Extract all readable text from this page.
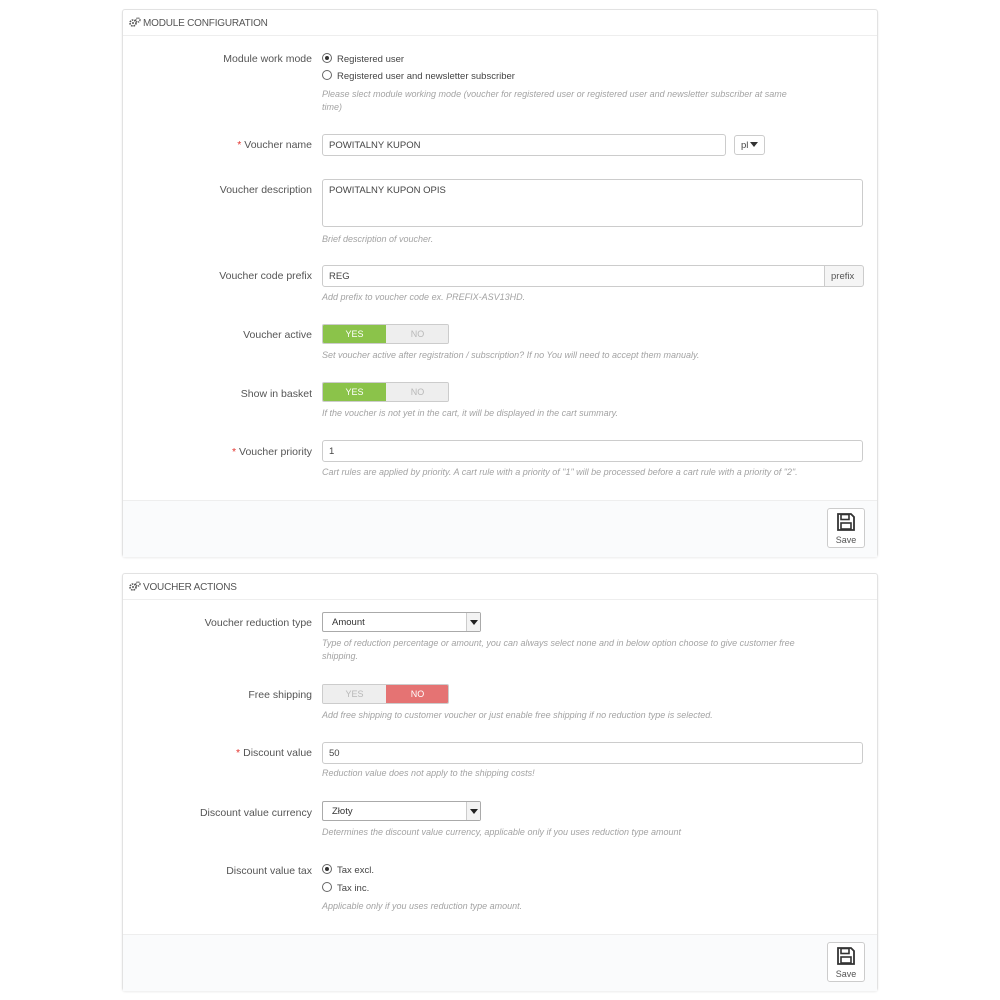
MODULE CONFIGURATION
Module work mode	Registered user
Registered user and newsletter subscriber
Please slect module working mode (voucher for registered user or registered user and newsletter subscriber at same
time)
* Voucher name	POWITALNY KUPON	pl
Voucher description	POWITALNY KUPON OPIS
Brief description of voucher.
Voucher code prefix	REG	prefix
Add prefix to voucher code ex. PREFIX-ASV13HD.
Voucher active	YES	NO
Set voucher active after registration / subscription? If no You will need to accept them manualy.
Show in basket	YES	NO
If the voucher is not yet in the cart, it will be displayed in the cart summary.
* Voucher priority	1
Cart rules are applied by priority. A cart rule with a priority of "1" will be processed before a cart rule with a priority of "2".
Save
VOUCHER ACTIONS
Voucher reduction type	Amount
Type of reduction percentage or amount, you can always select none and in below option choose to give customer free
shipping.
Free shipping	YES	NO
Add free shipping to customer voucher or just enable free shipping if no reduction type is selected.
* Discount value	50
Reduction value does not apply to the shipping costs!
Discount value currency	Złoty
Determines the discount value currency, applicable only if you uses reduction type amount
Discount value tax	Tax excl.
Tax inc.
Applicable only if you uses reduction type amount.
Save
